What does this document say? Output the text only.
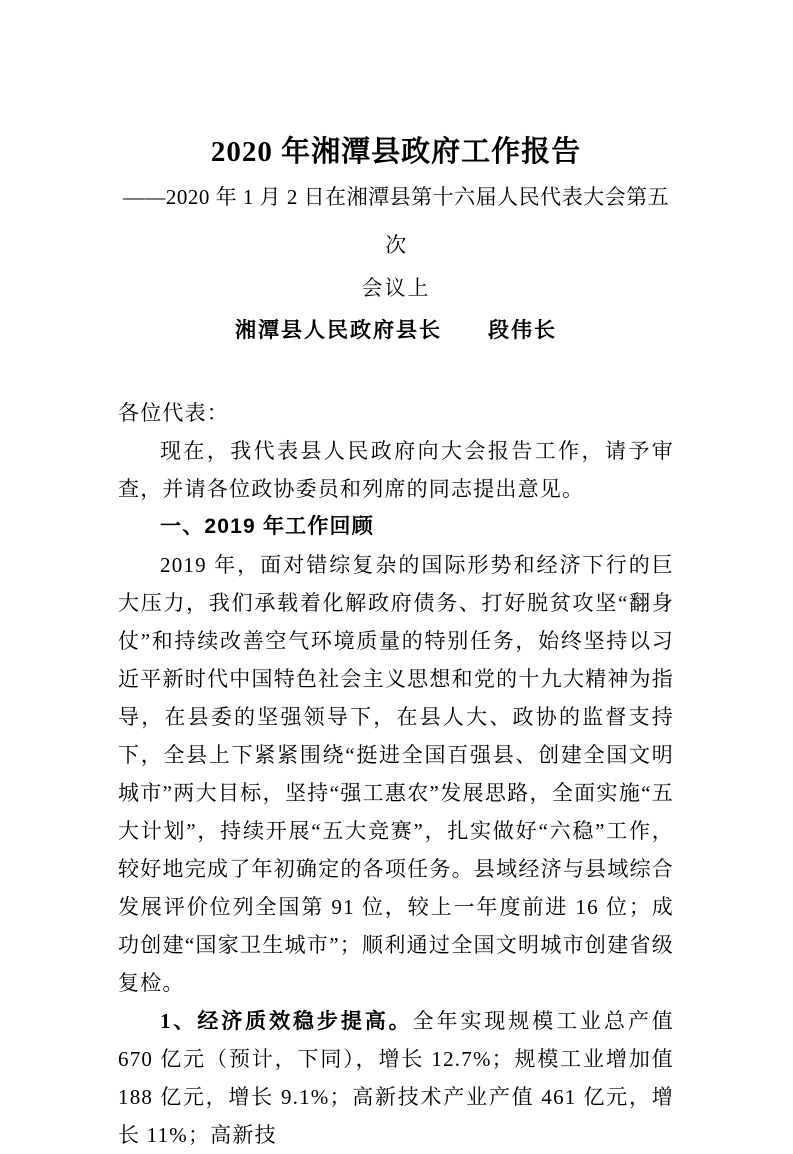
2020 年湘潭县政府工作报告
——2020 年 1 月 2 日在湘潭县第十六届人民代表大会第五次
会议上
湘潭县人民政府县长　　段伟长

各位代表：

现在，我代表县人民政府向大会报告工作，请予审查，并请各位政协委员和列席的同志提出意见。

一、2019 年工作回顾

2019 年，面对错综复杂的国际形势和经济下行的巨大压力，我们承载着化解政府债务、打好脱贫攻坚“翻身仗”和持续改善空气环境质量的特别任务，始终坚持以习近平新时代中国特色社会主义思想和党的十九大精神为指导，在县委的坚强领导下，在县人大、政协的监督支持下，全县上下紧紧围绕“挺进全国百强县、创建全国文明城市”两大目标，坚持“强工惠农”发展思路，全面实施“五大计划”，持续开展“五大竞赛”，扎实做好“六稳”工作，较好地完成了年初确定的各项任务。县域经济与县域综合发展评价位列全国第 91 位，较上一年度前进 16 位；成功创建“国家卫生城市”；顺利通过全国文明城市创建省级复检。

1、经济质效稳步提高。全年实现规模工业总产值 670 亿元（预计，下同），增长 12.7%；规模工业增加值 188 亿元，增长 9.1%；高新技术产业产值 461 亿元，增长 11%；高新技
